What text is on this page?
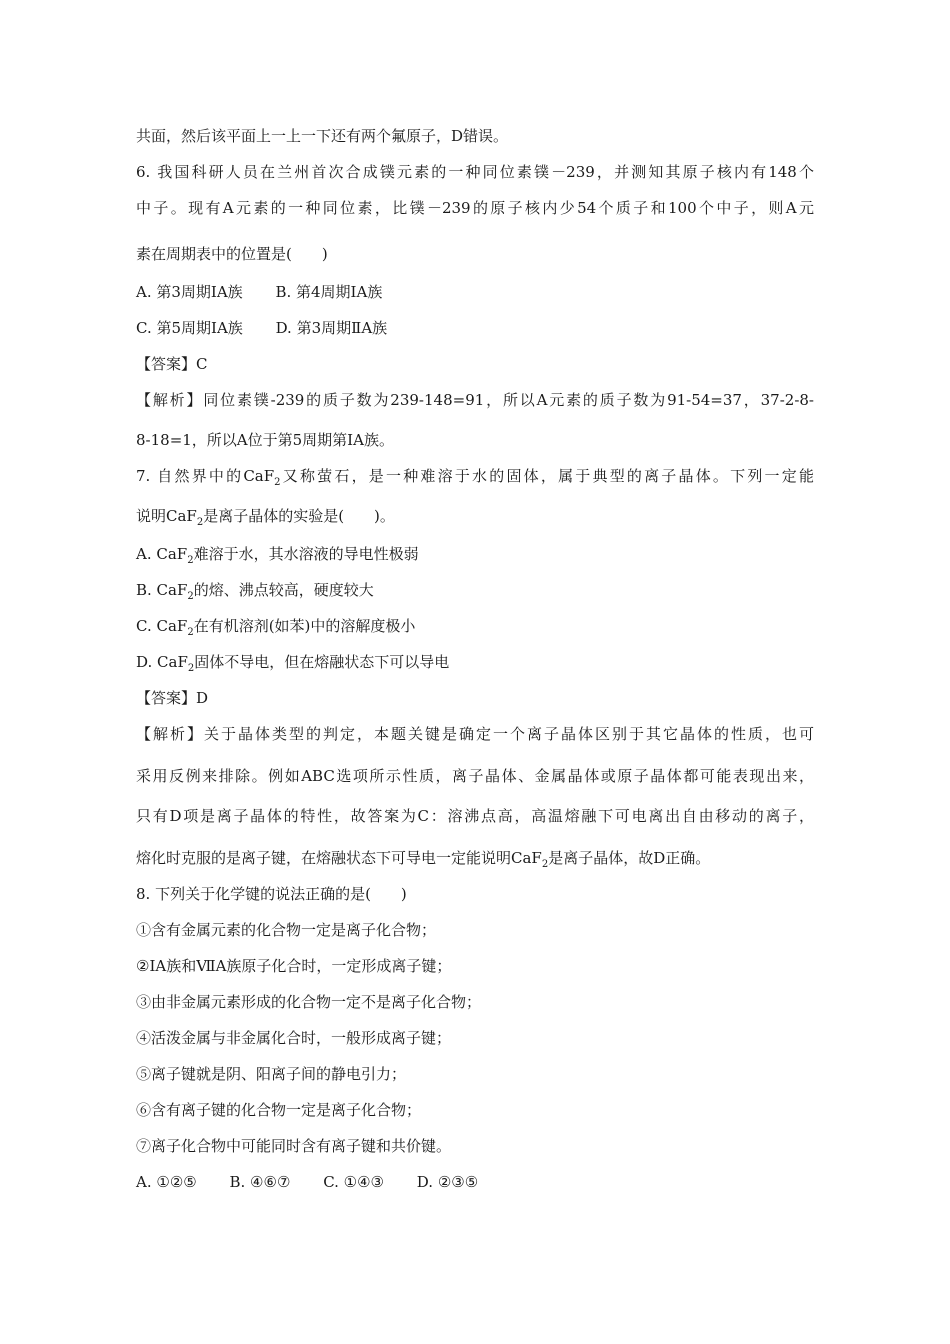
共面，然后该平面上一上一下还有两个氟原子，D错误。
6. 我国科研人员在兰州首次合成镤元素的一种同位素镤－239，并测知其原子核内有148个
中子。现有A元素的一种同位素，比镤－239的原子核内少54个质子和100个中子，则A元
素在周期表中的位置是(　　)
A. 第3周期ⅠA族 B. 第4周期ⅠA族
C. 第5周期ⅠA族 D. 第3周期ⅡA族
【答案】C
【解析】同位素镤-239的质子数为239-148=91，所以A元素的质子数为91-54=37，37-2-8-
8-18=1，所以A位于第5周期第IA族。
7. 自然界中的CaF$_2$又称萤石，是一种难溶于水的固体，属于典型的离子晶体。下列一定能
说明CaF$_2$是离子晶体的实验是(　　)。
A. CaF$_2$难溶于水，其水溶液的导电性极弱
B. CaF$_2$的熔、沸点较高，硬度较大
C. CaF$_2$在有机溶剂(如苯)中的溶解度极小
D. CaF$_2$固体不导电，但在熔融状态下可以导电
【答案】D
【解析】关于晶体类型的判定，本题关键是确定一个离子晶体区别于其它晶体的性质，也可
采用反例来排除。例如ABC选项所示性质，离子晶体、金属晶体或原子晶体都可能表现出来，
只有D项是离子晶体的特性，故答案为C：溶沸点高，高温熔融下可电离出自由移动的离子，
熔化时克服的是离子键，在熔融状态下可导电一定能说明CaF$_2$是离子晶体，故D正确。
8. 下列关于化学键的说法正确的是(　　)
①含有金属元素的化合物一定是离子化合物；
②ⅠA族和ⅦA族原子化合时，一定形成离子键；
③由非金属元素形成的化合物一定不是离子化合物；
④活泼金属与非金属化合时，一般形成离子键；
⑤离子键就是阴、阳离子间的静电引力；
⑥含有离子键的化合物一定是离子化合物；
⑦离子化合物中可能同时含有离子键和共价键。
A. ①②⑤ B. ④⑥⑦ C. ①④③ D. ②③⑤
